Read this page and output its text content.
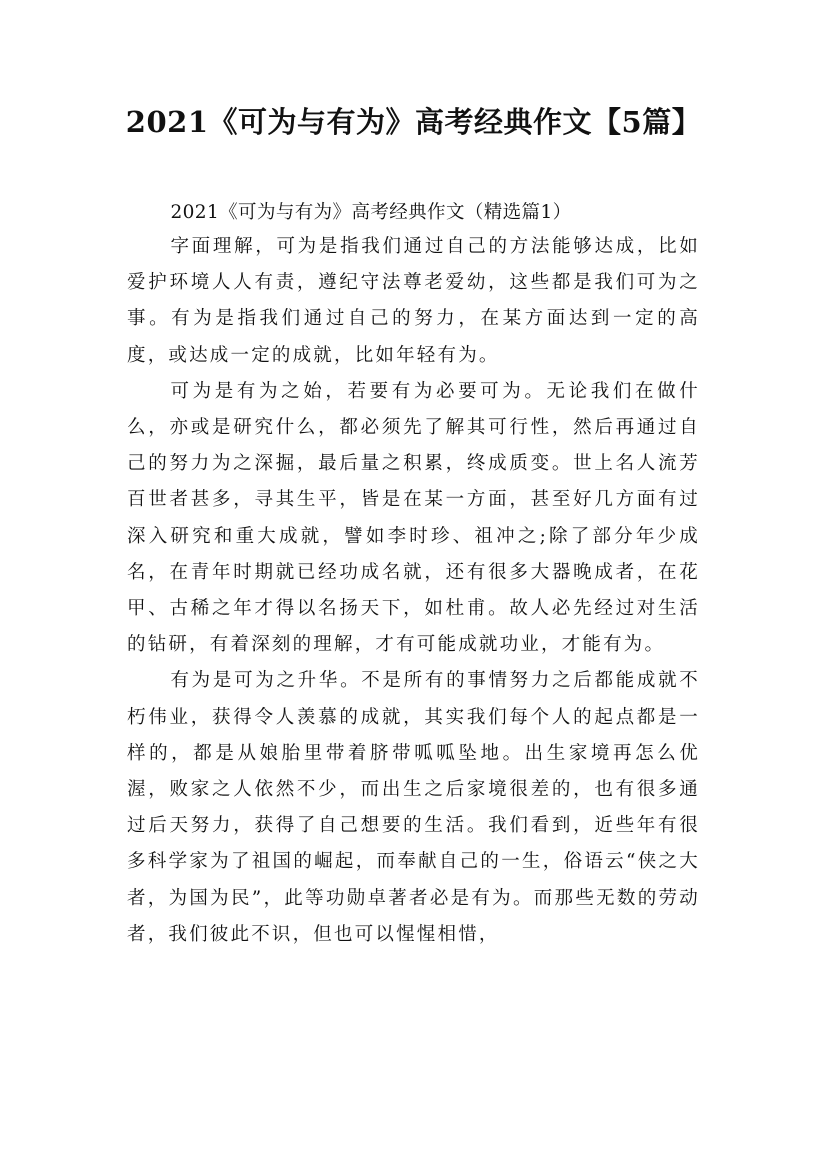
2021《可为与有为》高考经典作文【5篇】

2021《可为与有为》高考经典作文（精选篇1）

字面理解，可为是指我们通过自己的方法能够达成，比如爱护环境人人有责，遵纪守法尊老爱幼，这些都是我们可为之事。有为是指我们通过自己的努力，在某方面达到一定的高度，或达成一定的成就，比如年轻有为。

可为是有为之始，若要有为必要可为。无论我们在做什么，亦或是研究什么，都必须先了解其可行性，然后再通过自己的努力为之深掘，最后量之积累，终成质变。世上名人流芳百世者甚多，寻其生平，皆是在某一方面，甚至好几方面有过深入研究和重大成就，譬如李时珍、祖冲之;除了部分年少成名，在青年时期就已经功成名就，还有很多大器晚成者，在花甲、古稀之年才得以名扬天下，如杜甫。故人必先经过对生活的钻研，有着深刻的理解，才有可能成就功业，才能有为。

有为是可为之升华。不是所有的事情努力之后都能成就不朽伟业，获得令人羡慕的成就，其实我们每个人的起点都是一样的，都是从娘胎里带着脐带呱呱坠地。出生家境再怎么优渥，败家之人依然不少，而出生之后家境很差的，也有很多通过后天努力，获得了自己想要的生活。我们看到，近些年有很多科学家为了祖国的崛起，而奉献自己的一生，俗语云“侠之大者，为国为民”，此等功勋卓著者必是有为。而那些无数的劳动者，我们彼此不识，但也可以惺惺相惜，
